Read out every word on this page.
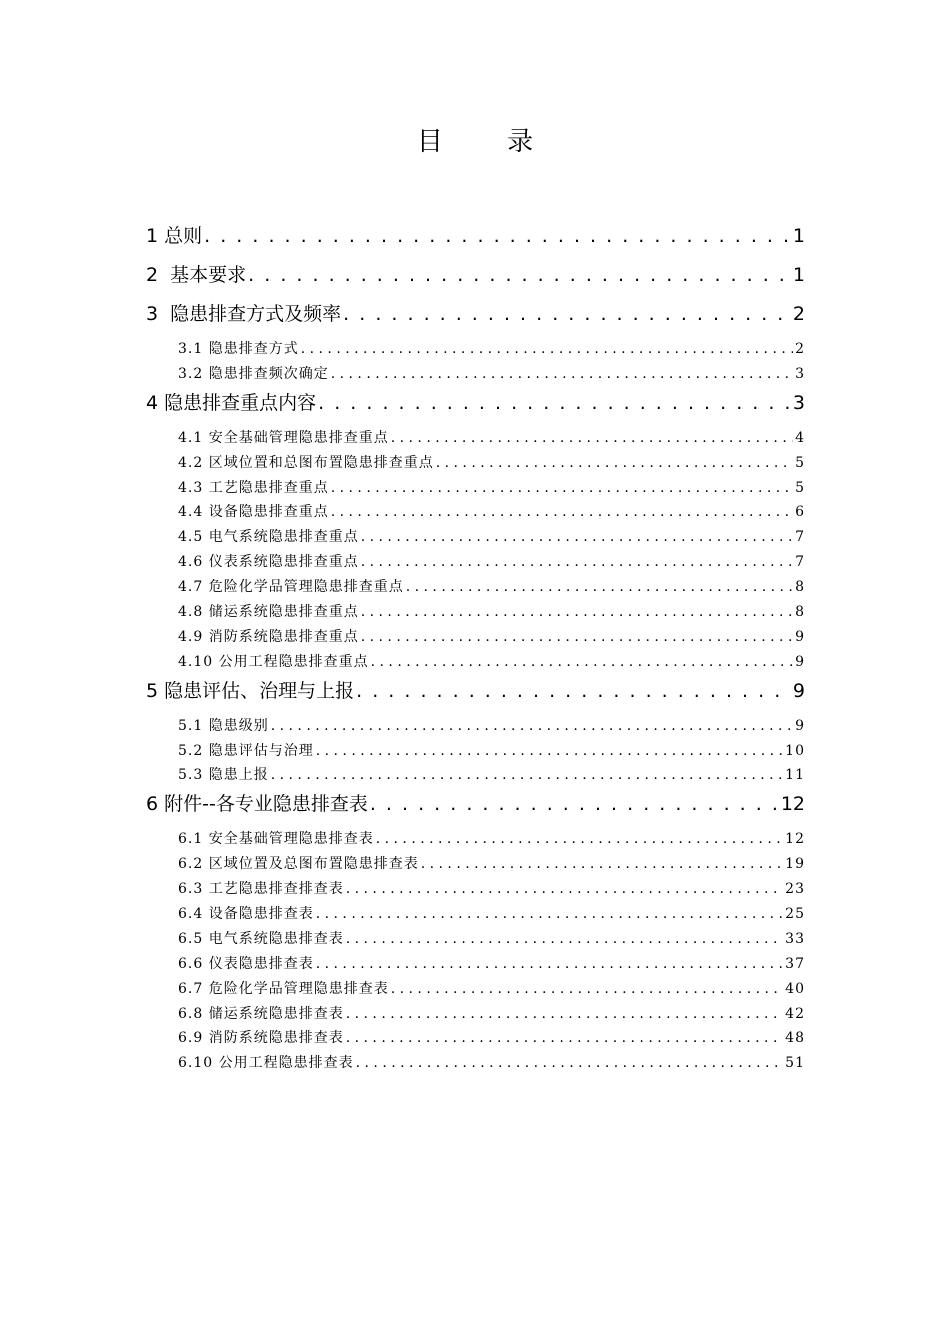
目 录
1 总则 . . .	1
2  基本要求 . . .	1
3  隐患排查方式及频率 . . .	2
3.1 隐患排查方式 . . .	2
3.2 隐患排查频次确定 . . .	3
4 隐患排查重点内容 . . .	3
4.1 安全基础管理隐患排查重点 . . .	4
4.2 区域位置和总图布置隐患排查重点 . . .	5
4.3 工艺隐患排查重点 . . .	5
4.4 设备隐患排查重点 . . .	6
4.5 电气系统隐患排查重点 . . .	7
4.6 仪表系统隐患排查重点 . . .	7
4.7 危险化学品管理隐患排查重点 . . .	8
4.8 储运系统隐患排查重点 . . .	8
4.9 消防系统隐患排查重点 . . .	9
4.10 公用工程隐患排查重点 . . .	9
5 隐患评估、治理与上报 . . .	9
5.1 隐患级别 . . .	9
5.2 隐患评估与治理 . . .	10
5.3 隐患上报 . . .	11
6 附件--各专业隐患排查表 . . .	12
6.1 安全基础管理隐患排查表 . . .	12
6.2 区域位置及总图布置隐患排查表 . . .	19
6.3 工艺隐患排查排查表 . . .	23
6.4 设备隐患排查表 . . .	25
6.5 电气系统隐患排查表 . . .	33
6.6 仪表隐患排查表 . . .	37
6.7 危险化学品管理隐患排查表 . . .	40
6.8 储运系统隐患排查表 . . .	42
6.9 消防系统隐患排查表 . . .	48
6.10 公用工程隐患排查表 . . .	51
